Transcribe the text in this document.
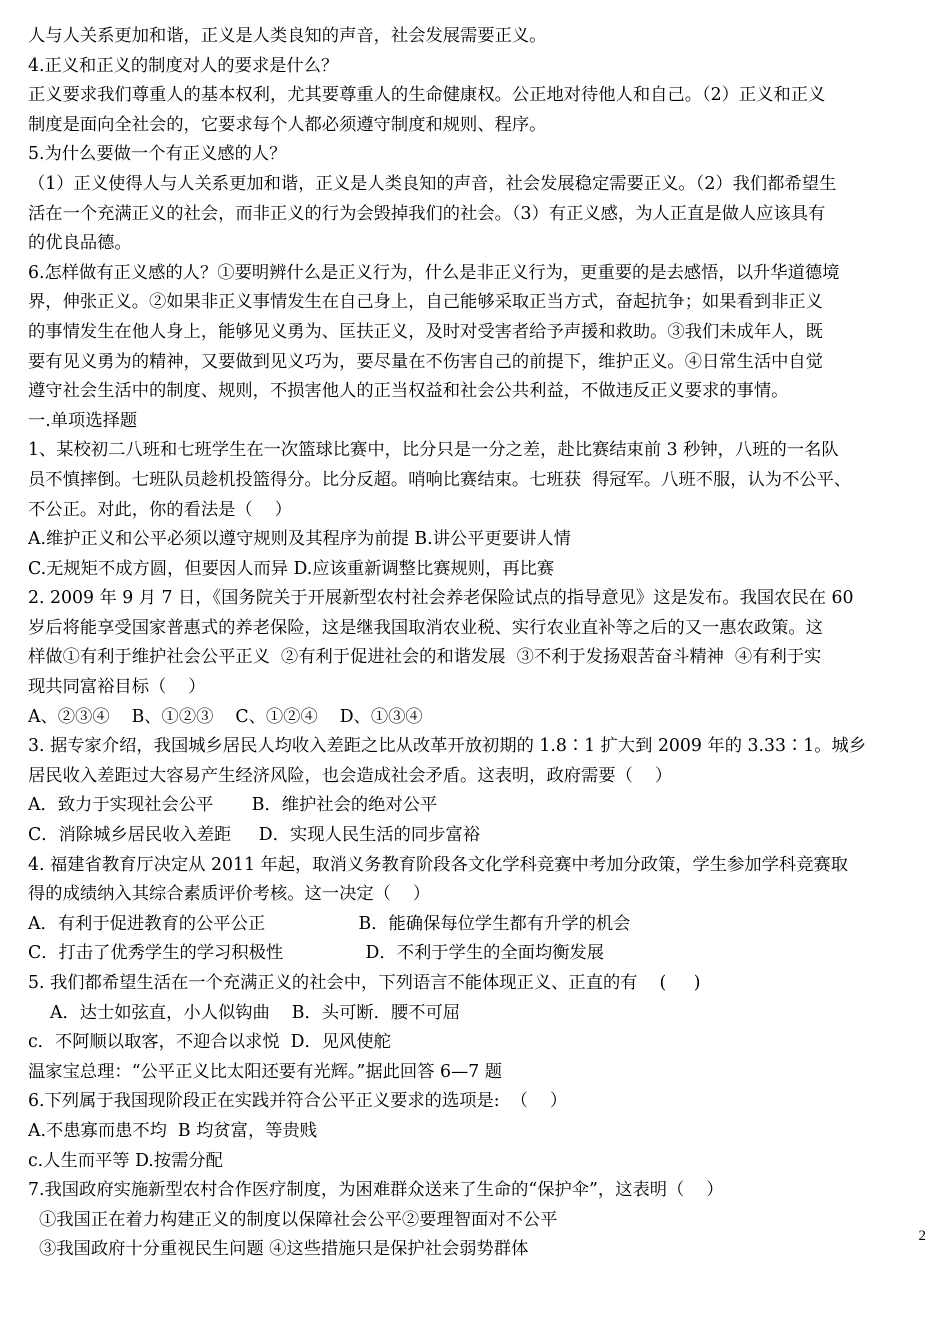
人与人关系更加和谐，正义是人类良知的声音，社会发展需要正义。
4.正义和正义的制度对人的要求是什么？
正义要求我们尊重人的基本权利，尤其要尊重人的生命健康权。公正地对待他人和自己。（2）正义和正义
制度是面向全社会的，它要求每个人都必须遵守制度和规则、程序。
5.为什么要做一个有正义感的人？
（1）正义使得人与人关系更加和谐，正义是人类良知的声音，社会发展稳定需要正义。（2）我们都希望生
活在一个充满正义的社会，而非正义的行为会毁掉我们的社会。（3）有正义感，为人正直是做人应该具有
的优良品德。
6.怎样做有正义感的人？①要明辨什么是正义行为，什么是非正义行为，更重要的是去感悟，以升华道德境
界，伸张正义。②如果非正义事情发生在自己身上，自己能够采取正当方式，奋起抗争；如果看到非正义
的事情发生在他人身上，能够见义勇为、匡扶正义，及时对受害者给予声援和救助。③我们未成年人，既
要有见义勇为的精神，又要做到见义巧为，要尽量在不伤害自己的前提下，维护正义。④日常生活中自觉
遵守社会生活中的制度、规则，不损害他人的正当权益和社会公共利益，不做违反正义要求的事情。
一.单项选择题
1、某校初二八班和七班学生在一次篮球比赛中，比分只是一分之差，赴比赛结束前 3 秒钟，八班的一名队
员不慎摔倒。七班队员趁机投篮得分。比分反超。哨响比赛结束。七班获  得冠军。八班不服，认为不公平、
不公正。对此，你的看法是（    ）
A.维护正义和公平必须以遵守规则及其程序为前提 B.讲公平更要讲人情
C.无规矩不成方圆，但要因人而异 D.应该重新调整比赛规则，再比赛
2. 2009 年 9 月 7 日，《国务院关于开展新型农村社会养老保险试点的指导意见》这是发布。我国农民在 60
岁后将能享受国家普惠式的养老保险，这是继我国取消农业税、实行农业直补等之后的又一惠农政策。这
样做①有利于维护社会公平正义  ②有利于促进社会的和谐发展  ③不利于发扬艰苦奋斗精神  ④有利于实
现共同富裕目标（    ）
A、②③④    B、①②③    C、①②④    D、①③④
3. 据专家介绍，我国城乡居民人均收入差距之比从改革开放初期的 1.8∶1 扩大到 2009 年的 3.33∶1。城乡
居民收入差距过大容易产生经济风险，也会造成社会矛盾。这表明，政府需要（    ）
A．致力于实现社会公平       B．维护社会的绝对公平
C．消除城乡居民收入差距     D．实现人民生活的同步富裕
4. 福建省教育厅决定从 2011 年起，取消义务教育阶段各文化学科竞赛中考加分政策，学生参加学科竞赛取
得的成绩纳入其综合素质评价考核。这一决定（    ）
A．有利于促进教育的公平公正                 B．能确保每位学生都有升学的机会
C．打击了优秀学生的学习积极性               D．不利于学生的全面均衡发展
5. 我们都希望生活在一个充满正义的社会中，下列语言不能体现正义、正直的有    (     )
A．达士如弦直，小人似钩曲    B．头可断．腰不可屈
c．不阿顺以取客，不迎合以求悦  D．见风使舵
温家宝总理：“公平正义比太阳还要有光辉。”据此回答 6—7 题
6.下列属于我国现阶段正在实践并符合公平正义要求的选项是:  （    ）
A.不患寡而患不均  B 均贫富，等贵贱
c.人生而平等 D.按需分配
7.我国政府实施新型农村合作医疗制度，为困难群众送来了生命的“保护伞”，这表明（    ）
①我国正在着力构建正义的制度以保障社会公平②要理智面对不公平
③我国政府十分重视民生问题 ④这些措施只是保护社会弱势群体
2
